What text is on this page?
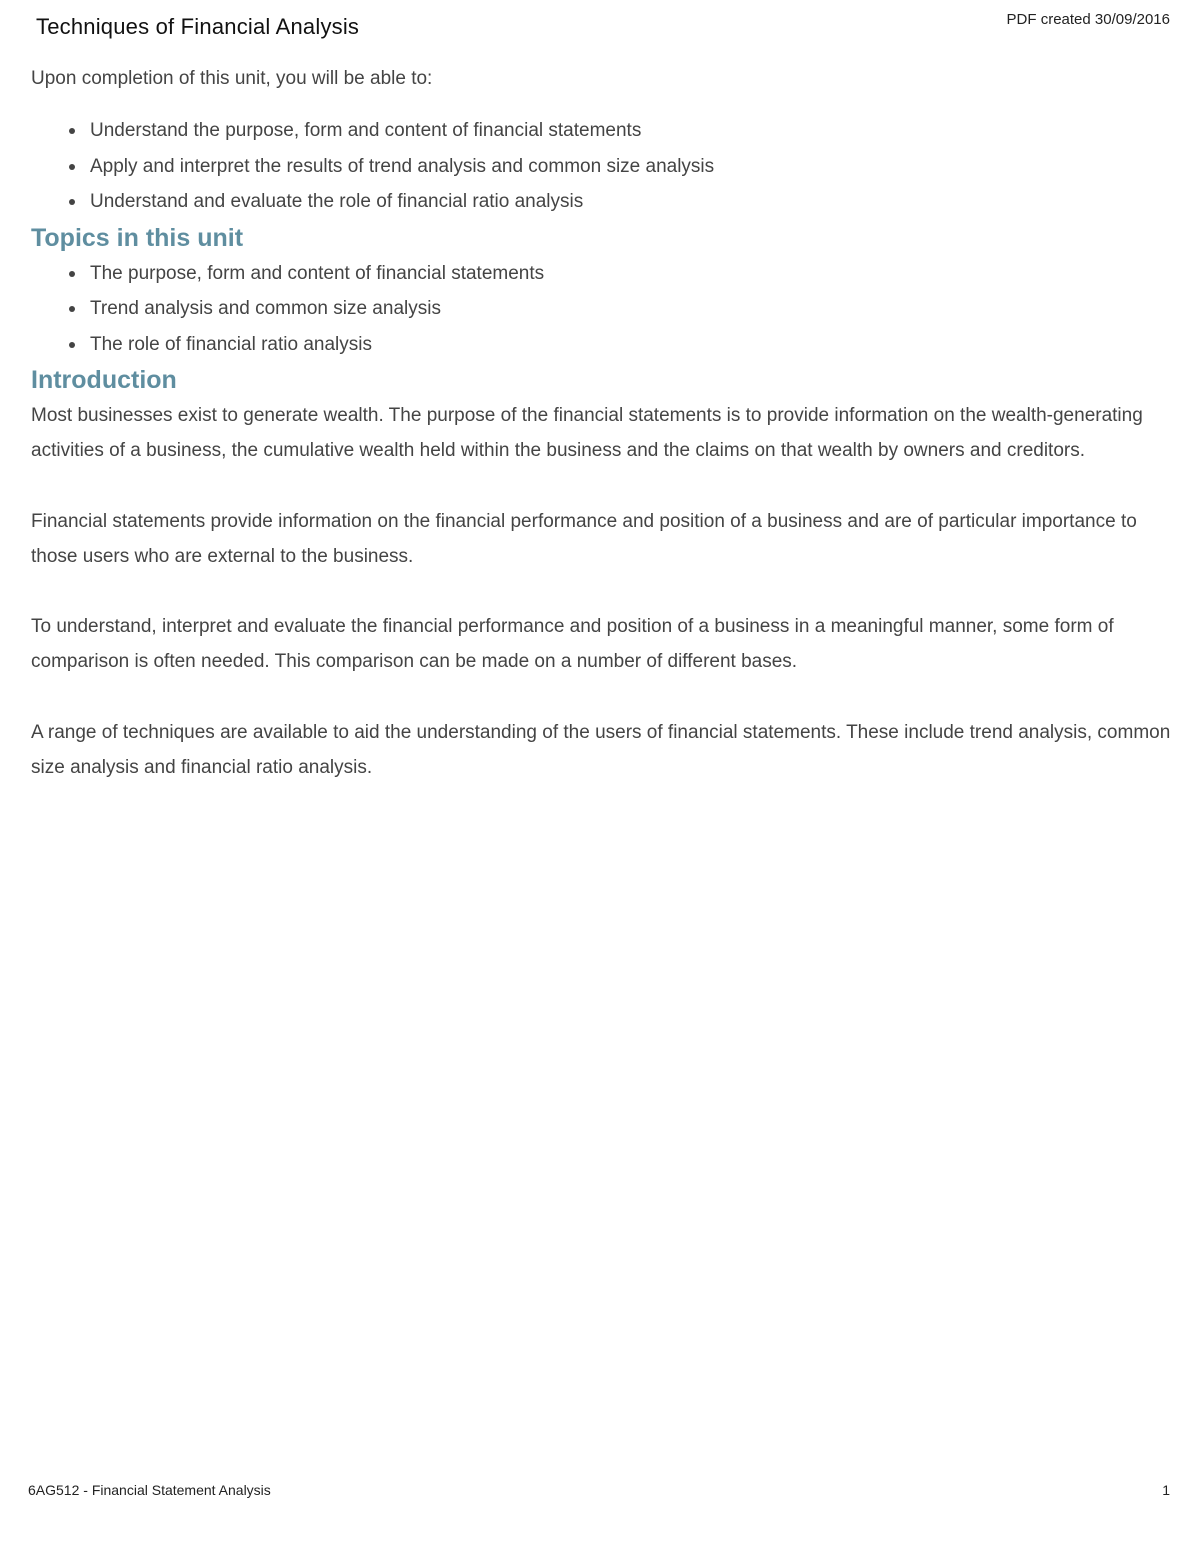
Techniques of Financial Analysis	PDF created 30/09/2016

Upon completion of this unit, you will be able to:

Understand the purpose, form and content of financial statements
Apply and interpret the results of trend analysis and common size analysis
Understand and evaluate the role of financial ratio analysis
Topics in this unit
The purpose, form and content of financial statements
Trend analysis and common size analysis
The role of financial ratio analysis
Introduction

Most businesses exist to generate wealth. The purpose of the financial statements is to provide information on the wealth-generating activities of a business, the cumulative wealth held within the business and the claims on that wealth by owners and creditors.

Financial statements provide information on the financial performance and position of a business and are of particular importance to those users who are external to the business.

To understand, interpret and evaluate the financial performance and position of a business in a meaningful manner, some form of comparison is often needed. This comparison can be made on a number of different bases.

A range of techniques are available to aid the understanding of the users of financial statements. These include trend analysis, common size analysis and financial ratio analysis.

6AG512 - Financial Statement Analysis	1
